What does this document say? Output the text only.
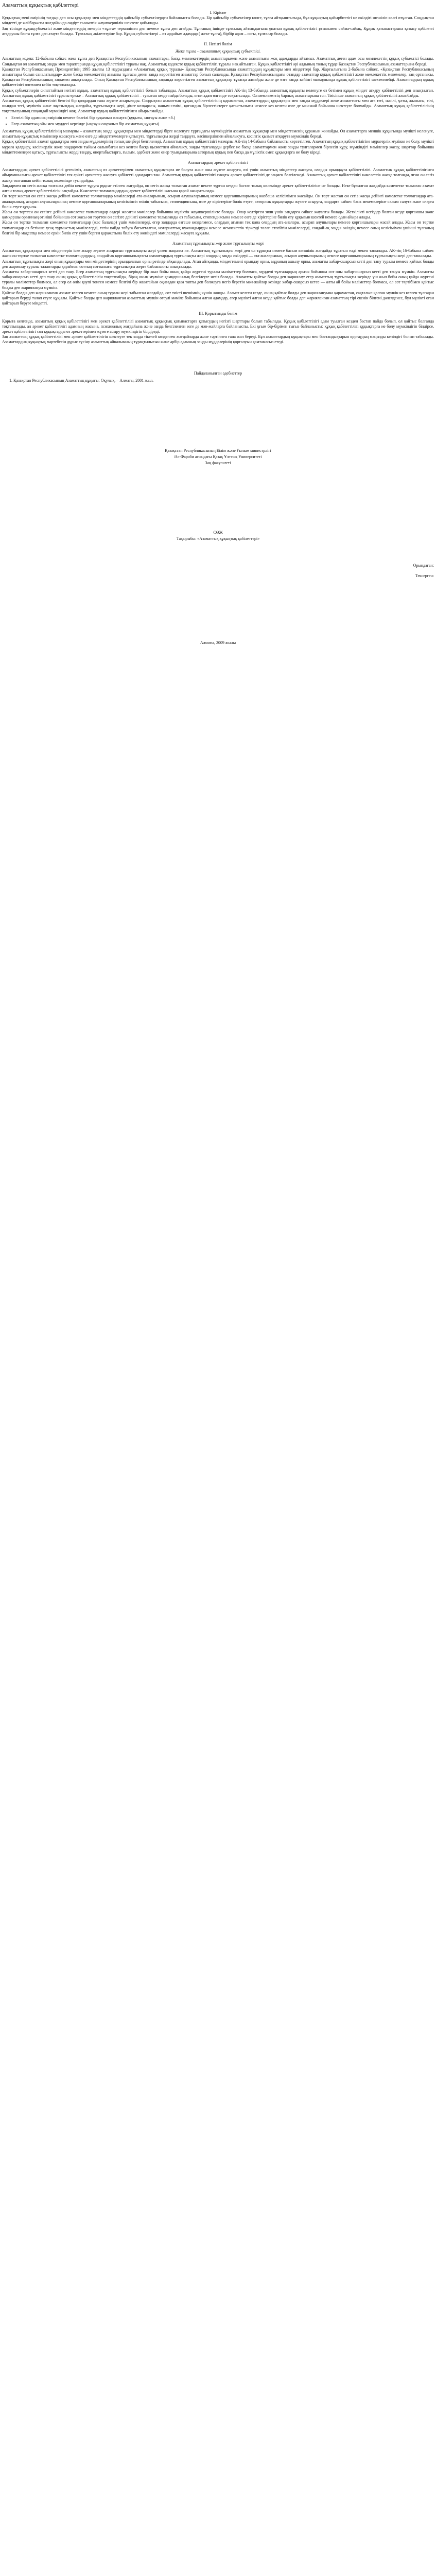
Азаматтың құқықтық қабілеттері
I. Кіріспе

Құқықтың мені өмірінің тағдыр деп осы құқықтар мен міндеттердің қайсыбір субъектілерден байланысты болады. Бір қайсыбір субъектілер көлге, тұлға айтқыштығыда, бұл құқықтың қайырбиттігі не өкілдігі шешіліп келгі өтұлған. Соңдықтан міндетті де жайбарыспа жағдайында өндірт сыныптік жауапкершілік шектеле қойылады.

Заң тілінде құқықсубъектісі және міндеттердің иелерін «тұлға» терминімен деп немесе тұлға деп атайды. Тұлғаның ішінде тұлғалық айтыңдығына ұнатын құқық қабілеттілігі ұғымымен сайма-сайық. Құқық қатынастарына қатысу қабілетті атқарушы баста тұлға деп атауға болады. Тұлғалық әкілеттеріне бар. Құқық субъектілері – өз әрдайым адамдар ( жеке тұлға), бірбір адам – соғы, тұлғалар болады.

II. Негізгі бөлім
Жеке тұлға - азаматтық құқықтық субъектісі.

Азаматтық кодекс 12-бабына сәйкес жеке тұлға деп Қазақстан Республикасының азаматтары, басқа мемлекеттердің азаматтарымен және азаматтығы жоқ адамдарды айтамыз. Азаматтық деген адам осы мемлекеттің құқық субъектісі болады. Соңдықтан ол азаматтық заңды мен тараптарында құқық қабілеттілігі тұралы нақ. Азаматтық кодексте құқық қабілеттілігі тұралы нақ айтылған. Құқық қабілеттілігі әрі алдының толық тұрде Қазақстан Республикасының азаматтарына береді.

Қазақстан Республикасының Президентінің 1995 жылғы 13 наурыздағы «Азаматтық құқық туралы» Қазақстан Республикасында азаматтардың құқықтары мен міндеттері бар. Жарғылығына 2-бабына сәйкес, «Қазақстан Республикасының азаматтары болып саналатындар» және басқа мемлекеттің азаматы тұлғасы деген заңда көрсетілген азаматтар болып саналады. Қазақстан Республикасындағы отандар азаматтар құқық қабілеттілігі және мемлекеттік мекемелер, заң ортанысы, Қазақстан Республикасының заңымен анықталады. Оның Қазақстан Республикасының заңында көрсетілген азаматтық құқықтар тұтасқа алмайды және де өзге заңда кейінгі мазмұнында құқық қабілеттілігі шектелмейді. Азаматтардың құқық қабілеттілігі өлгеннен кейін тоқтатылады.

Құқық субъектілерін сипаттайтын негізгі құқық, азаматтың құқық қабілеттілігі болып табылады. Азаматтық құқық қабілеттілігі АК-тің 13-бабында азаматтық құқықты иеленуге өз бетімен құқық міндет атқару қабілеттілігі деп анықталған. Азаматтық құқық қабілеттілігі тұралы ереже – Азаматтық құқық қабілеттілігі – туылған кезде пайда болады, яғни адам өлгенде тоқтатылады. Ол мемлекеттің барлық азаматтарына тән. Тиісінше азаматтың құқық қабілеттілігі алынбайды.

Азаматтың құқық қабілеттілігі белгілі бір қолдардан ғана жүзеге асырылады. Соңдықтан азаматтың құқық қабілеттілігінің қарамастан, азаматтардың құқықтары мен заңды мүдделері жеке азаматтығы мен ата тегі, нәсілі, ұлты, жынысы, тілі, шыққан тегі, мүліктік және лауазымдық жағдайы, тұрғылықты жері, дінге көзқарасы, наным-сенімі, қоғамдық бірлестіктерге қатыстылығы немесе кез келген өзге де мән-жай бойынша шектеуге болмайды. Азаматтық құқық қабілеттілігінің тоқтатылуының ешқандай мүмкіндігі жоқ. Азаматтар құқық қабілеттілігінен айырылмайды.

• Белгілі бір адамның өмірінің немесе белгілі бір ауқымын жасауға (құқығы, ыңғауы және т.б.)
• Егер азаматтың ойы мен мүддесі кертінде (ыңғауы сақталып бір азаматтың құқығы)

Азаматтық құқық қабілеттілігінің мазмұны – азаматтың заңда құқықтары мен міндеттерді бірге иеленуге тұрғыдағы мүмкіндігін азаматтық құқықтар мен міндеттеменің құрамын жинайды. Ол азаматтарға меншік құқығында мүлікті иеленуге, азаматтық-құқықтық мәмілелер жасасуға және өзге де міндеттемелерге қатысуға, тұрғылықты жерді таңдауға, кәсіпкерлікпен айналысуға, кәсіптік қызмет атқаруға мүмкіндік береді.

Құқық қабілеттілігі азамат құқықтары мен заңды мүдделерінің толық шеңбері белгіленеді. Азаматтың құқық қабілеттілігі мазмұны АК-тің 14-бабына байланысты көрсетілген. Азаматтың құқық қабілеттілігіне мұрагерлік мүлікке ие болу, мүлікті мұраға қалдыру, кәсіпкерлік және заңдармен тыйым салынбаған кез келген басқа қызметпен айналысу, заңды тұлғаларды дербес не басқа азаматтармен және заңды тұлғалармен бірлесіп құру, мүмкіндігі мәмілелер жасау, шарттар бойынша міндеттемелерге қатысу, тұрғылықты жерді таңдау, өнертабыстарға, ғылым, әдебиет және өнер туындыларына авторлық құқық пен басқа да мүліктік емес құқықтарға ие болу кіреді.

Азаматтардың әрекет қабілеттілігі

Азаматтардың әрекет қабілеттілігі дегеніміз, азаматтың өз әрекеттерімен азаматтық құқықтарға ие болуға және оны жүзеге асыруға, өзі үшін азаматтық міндеттер жасауға, оларды орындауға қабілеттілігі. Азаматтық құқық қабілеттілігінен айырмашылығы әрекет қабілеттілігі тек ерікті әрекеттер жасауға қабілетті адамдарға тән. Азаматтық құқық қабілеттілігі сияқты әрекет қабілеттілігі де заңмен белгіленеді. Азаматтық әрекет қабілеттілігі кәмелеттік жасқа толғанда, яғни он сегіз жасқа толғаннан кейін толық көлемінде туындайды.

Заңдармен он сегіз жасқа толғанға дейін некеге тұруға рұқсат етілген жағдайда, он сегіз жасқа толмаған азамат некеге тұрған кезден бастап толық көлемінде әрекет қабілеттілігіне ие болады. Неке бұзылған жағдайда кәмелетке толмаған азамат алған толық әрекет қабілеттілігін сақтайды. Кәмелетке толмағандардың әрекет қабілеттілігі жасына қарай ажыратылады.

Он төрт жастан он сегіз жасқа дейінгі кәмелетке толмағандар мәмілелерді ата-аналарының, асырап алушыларының немесе қорғаншыларының жазбаша келісімімен жасайды. Он төрт жастан он сегіз жасқа дейінгі кәмелетке толмағандар ата-аналарының, асырап алушыларының немесе қорғаншыларының келісімінсіз өзінің табысына, стипендиясына, өзге де кірістеріне билік етуге, авторлық құқықтарды жүзеге асыруға, заңдарға сәйкес банк мекемелеріне салым салуға және оларға билік етуге құқылы.

Жасы он төрттен он сегізге дейінгі кәмелетке толмағандар өздері жасаған мәмілелер бойынша мүліктік жауапкершілікте болады. Олар келтірген зиян үшін заңдарға сәйкес жауапты болады. Жеткілікті негіздер болған кезде қорғаншы және қамқоршы органның өтініші бойынша сот жасы он төрттен он сегізге дейінгі кәмелетке толмағанды өз табысына, стипендиясына немесе өзге де кірістеріне билік ету құқығын шектей немесе одан айыра алады.

Жасы он төртке толмаған кәмелетке толмағандар (жас балалар) үшін мәмілелерді, егер заңдарда өзгеше көзделмесе, олардың атынан тек қана олардың ата-аналары, асырап алушылары немесе қорғаншылары жасай алады. Жасы он төртке толмағандар өз бетінше ұсақ тұрмыстық мәмілелерді, тегін пайда табуға бағытталған, нотариаттық куәландыруды немесе мемлекеттік тіркеуді талап етпейтін мәмілелерді, сондай-ақ заңды өкілдің немесе оның келісімімен үшінші тұлғаның белгілі бір мақсатқа немесе еркін билік ету үшін берген қаражатына билік ету жөніндегі мәмілелерді жасауға құқылы.

Азаматтың тұрғылықты жер және тұрғылықты жері

Азаматтың құқықтары мен міндеттерін іске асыру жүзеге асыратын тұрғылықты жері үлкен маңызға ие. Азаматтың тұрғылықты жері деп ол тұрақты немесе басым көпшілік жағдайда тұратын елді мекен танылады. АК-тің 16-бабына сәйкес жасы он төртке толмаған кәмелетке толмағандардың, сондай-ақ қорғаншылықтағы азаматтардың тұрғылықты жері олардың заңды өкілдері — ата-аналарының, асырап алушыларының немесе қорғаншыларының тұрғылықты жері деп танылады.

Азаматтың тұрғылықты жері оның құқықтары мен міндеттерінің орындалатын орны ретінде айқындалады. Атап айтқанда, міндеттемені орындау орны, мұраның ашылу орны, азаматты хабар-ошарсыз кетті деп тану туралы немесе қайтыс болды деп жариялау туралы талаптарды қарайтын соттың соттылығы тұрғылықты жерге байланысты анықталады.

Азаматты хабар-ошарсыз кетті деп тану. Егер азаматтың тұрғылықты жерінде бір жыл бойы оның қайда жүргені туралы мәліметтер болмаса, мүдделі тұлғалардың арызы бойынша сот оны хабар-ошарсыз кетті деп тануы мүмкін. Азаматты хабар-ошарсыз кетті деп тану оның құқық қабілеттілігін тоқтатпайды, бірақ оның мүлкіне қамқоршылық белгілеуге негіз болады. Азаматты қайтыс болды деп жариялау: егер азаматтың тұрғылықты жерінде үш жыл бойы оның қайда жүргені туралы мәліметтер болмаса, ал егер ол өлім қаупі төнген немесе белгілі бір жазатайым оқиғадан қаза тапты деп болжауға негіз беретін мән-жайлар кезінде хабар-ошарсыз кетсе — алты ай бойы мәліметтер болмаса, ол сот тәртібімен қайтыс болды деп жариялануы мүмкін.

Қайтыс болды деп жарияланған азамат келген немесе оның тұрған жері табылған жағдайда, сот тиісті шешімнің күшін жояды. Азамат келген кезде, оның қайтыс болды деп жариялануына қарамастан, сақталып қалған мүлкін кез келген тұлғадан қайтарып беруді талап етуге құқылы. Қайтыс болды деп жарияланған азаматтың мүлкін өтеулі мәміле бойынша алған адамдар, егер мүлікті алған кезде қайтыс болды деп жарияланған азаматтың тірі екенін білгені дәлелденсе, бұл мүлікті оған қайтарып беруге міндетті.

III. Қорытынды бөлім

Қорыта келгенде, азаматтың құқық қабілеттілігі мен әрекет қабілеттілігі азаматтық құқықтық қатынастарға қатысудың негізгі шарттары болып табылады. Құқық қабілеттілігі адам туылған кезден бастап пайда болып, ол қайтыс болғанда тоқтатылады, ал әрекет қабілеттілігі адамның жасына, психикалық жағдайына және заңда белгіленген өзге де мән-жайларға байланысты. Екі ұғым бір-бірімен тығыз байланысты: құқық қабілеттілігі құқықтарға ие болу мүмкіндігін білдірсе, әрекет қабілеттілігі сол құқықтарды өз әрекеттерімен жүзеге асыру мүмкіндігін білдіреді.

Заң азаматтың құқық қабілеттілігі мен әрекет қабілеттілігін шектеуге тек заңда тікелей көзделген жағдайларда және тәртіппен ғана жол береді. Бұл азаматтардың құқықтары мен бостандықтарын қорғаудың маңызды кепілдігі болып табылады. Азаматтардың құқықтық мәртебесін дұрыс түсіну азаматтық айналымның тұрақтылығын және әрбір адамның заңды мүдделерінің қорғалуын қамтамасыз етеді.

Пайдаланылған әдебиеттер
1. Қазақстан Республикасының Азаматтық құқығы: Оқулық. – Алматы, 2001 жыл.
Қазақстан Республикасының Білім және Ғылым министрлігі
Әл-Фараби атындағы Қазақ Ұлттық Университеті
Заң факультеті
СӨЖ
Тақырыбы: «Азаматтық құқықтық қабілеттері»
Орындаған:
Тексерген:
Алматы, 2009 жылы
